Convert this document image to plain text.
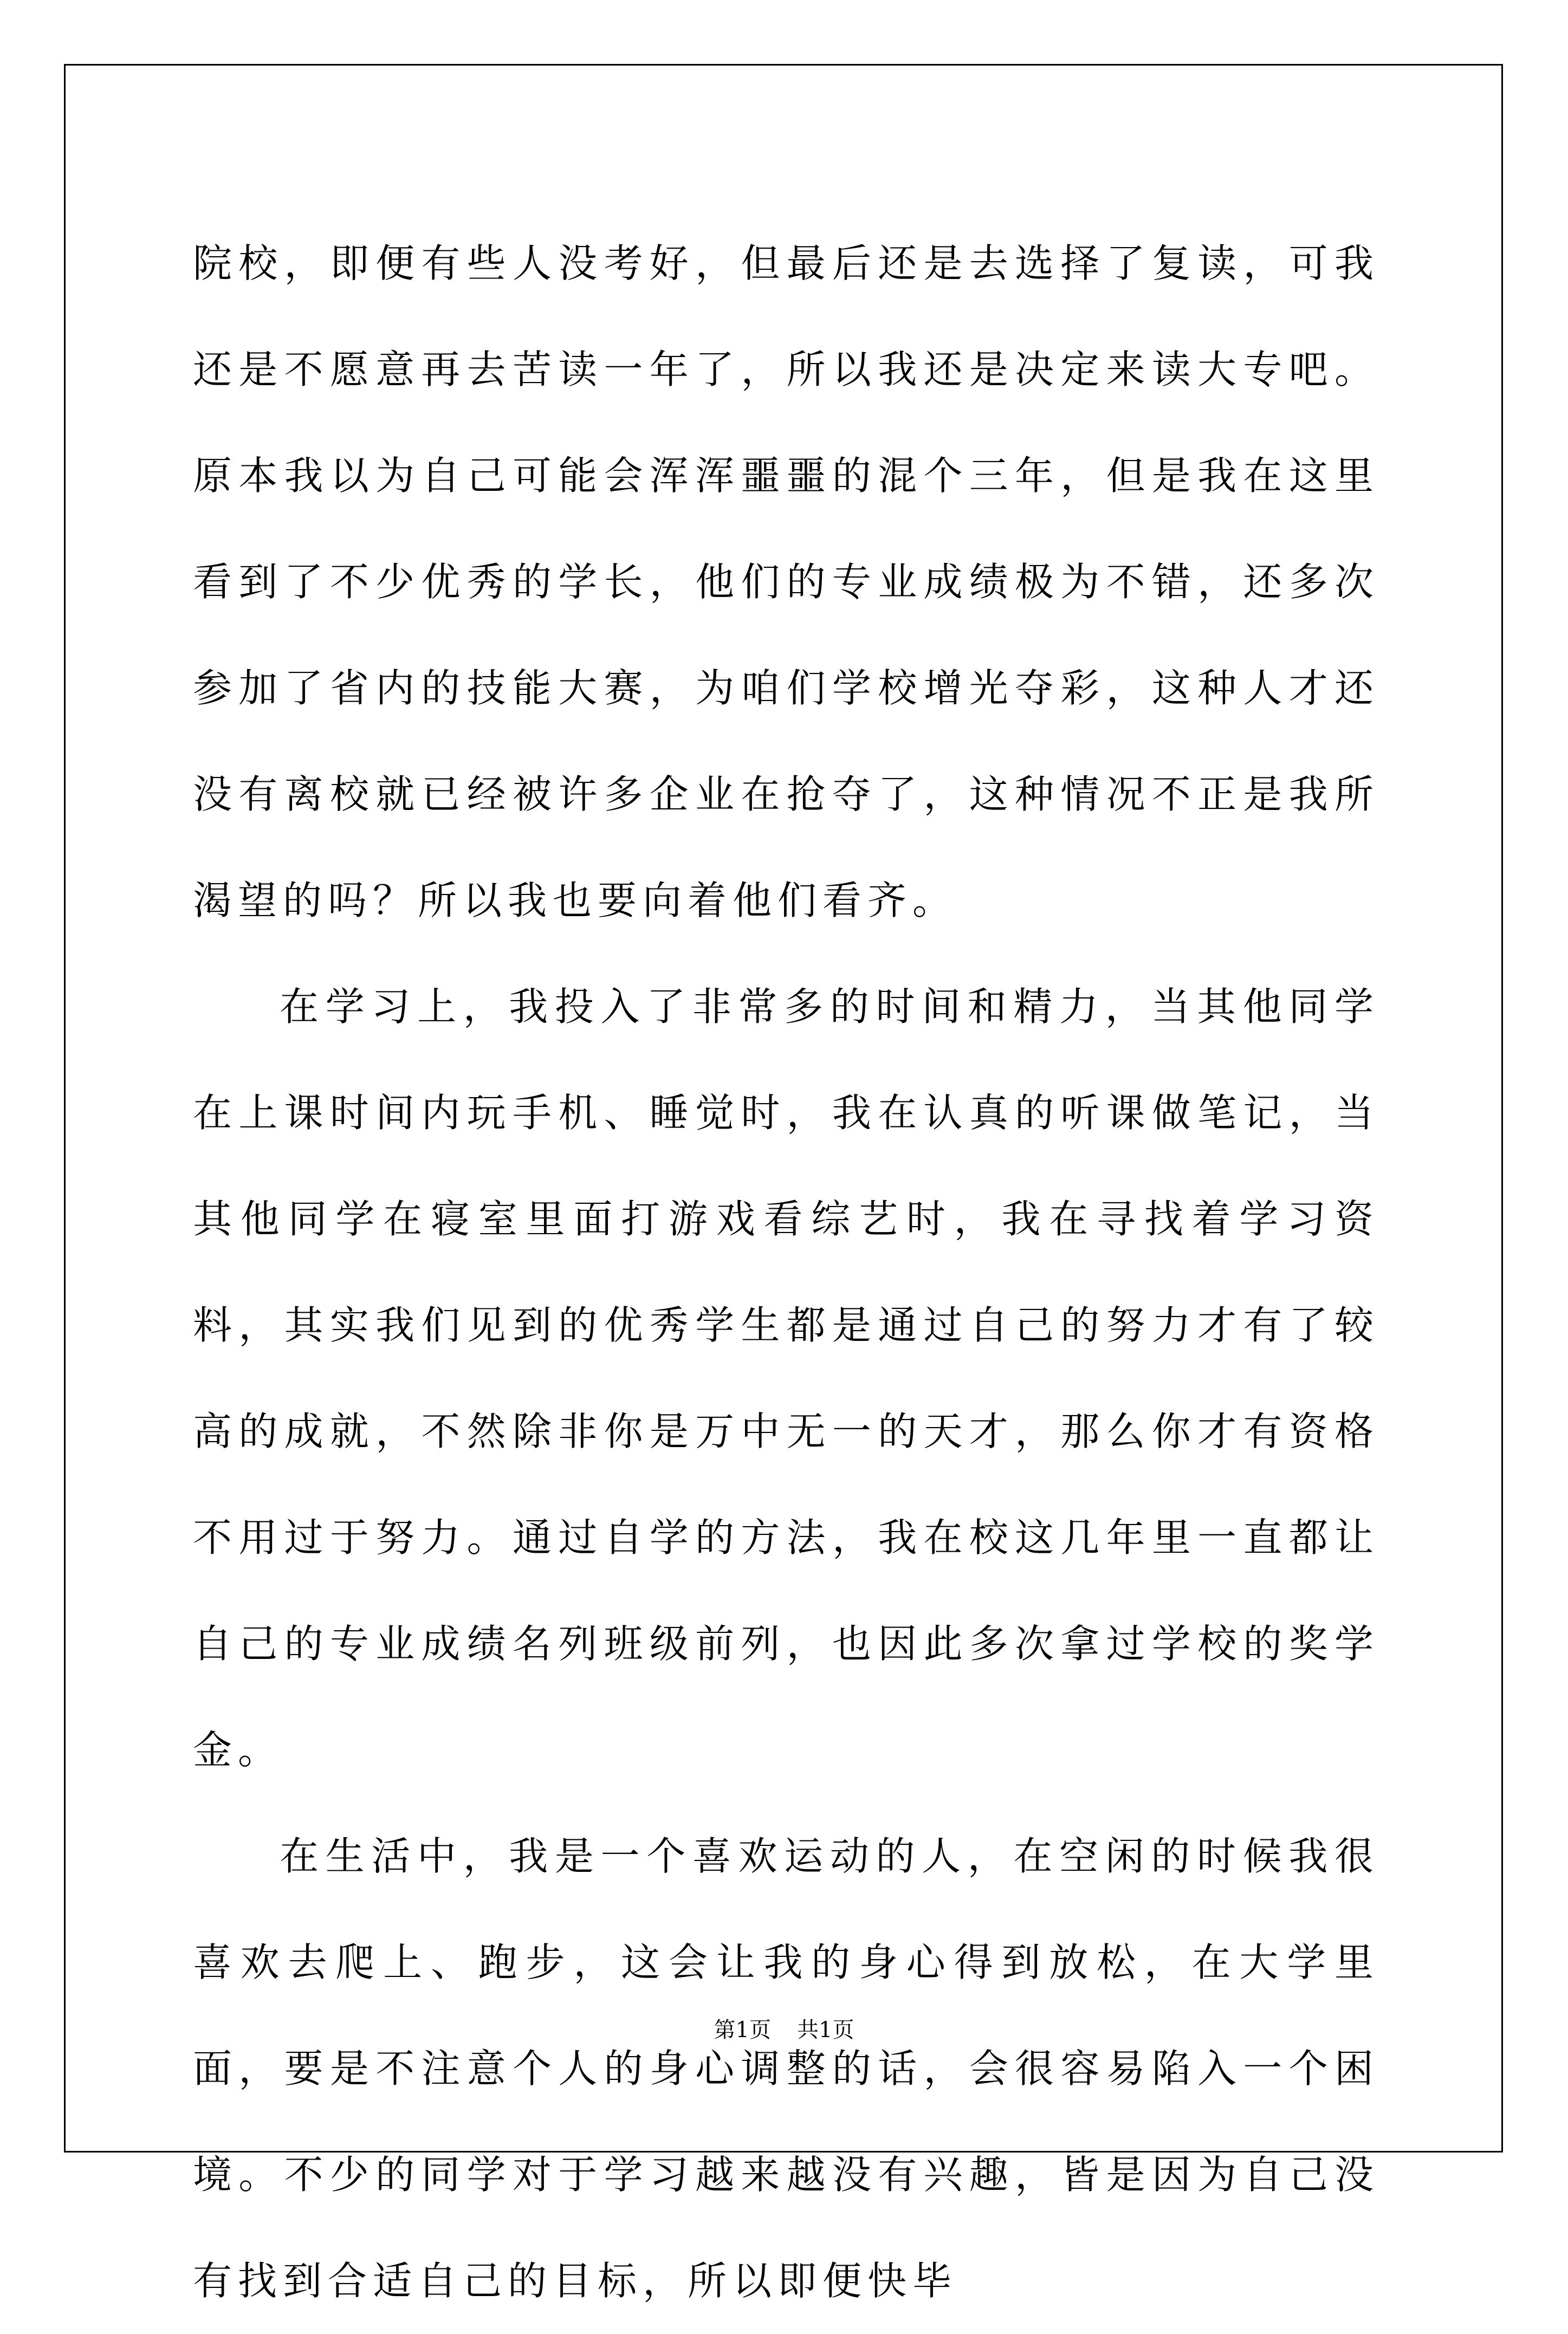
院校，即便有些人没考好，但最后还是去选择了复读，可我还是不愿意再去苦读一年了，所以我还是决定来读大专吧。原本我以为自己可能会浑浑噩噩的混个三年，但是我在这里看到了不少优秀的学长，他们的专业成绩极为不错，还多次参加了省内的技能大赛，为咱们学校增光夺彩，这种人才还没有离校就已经被许多企业在抢夺了，这种情况不正是我所渴望的吗？所以我也要向着他们看齐。

在学习上，我投入了非常多的时间和精力，当其他同学在上课时间内玩手机、睡觉时，我在认真的听课做笔记，当其他同学在寝室里面打游戏看综艺时，我在寻找着学习资料，其实我们见到的优秀学生都是通过自己的努力才有了较高的成就，不然除非你是万中无一的天才，那么你才有资格不用过于努力。通过自学的方法，我在校这几年里一直都让自己的专业成绩名列班级前列，也因此多次拿过学校的奖学金。

在生活中，我是一个喜欢运动的人，在空闲的时候我很喜欢去爬上、跑步，这会让我的身心得到放松，在大学里面，要是不注意个人的身心调整的话，会很容易陷入一个困境。不少的同学对于学习越来越没有兴趣，皆是因为自己没有找到合适自己的目标，所以即便快毕

第1页 共1页
